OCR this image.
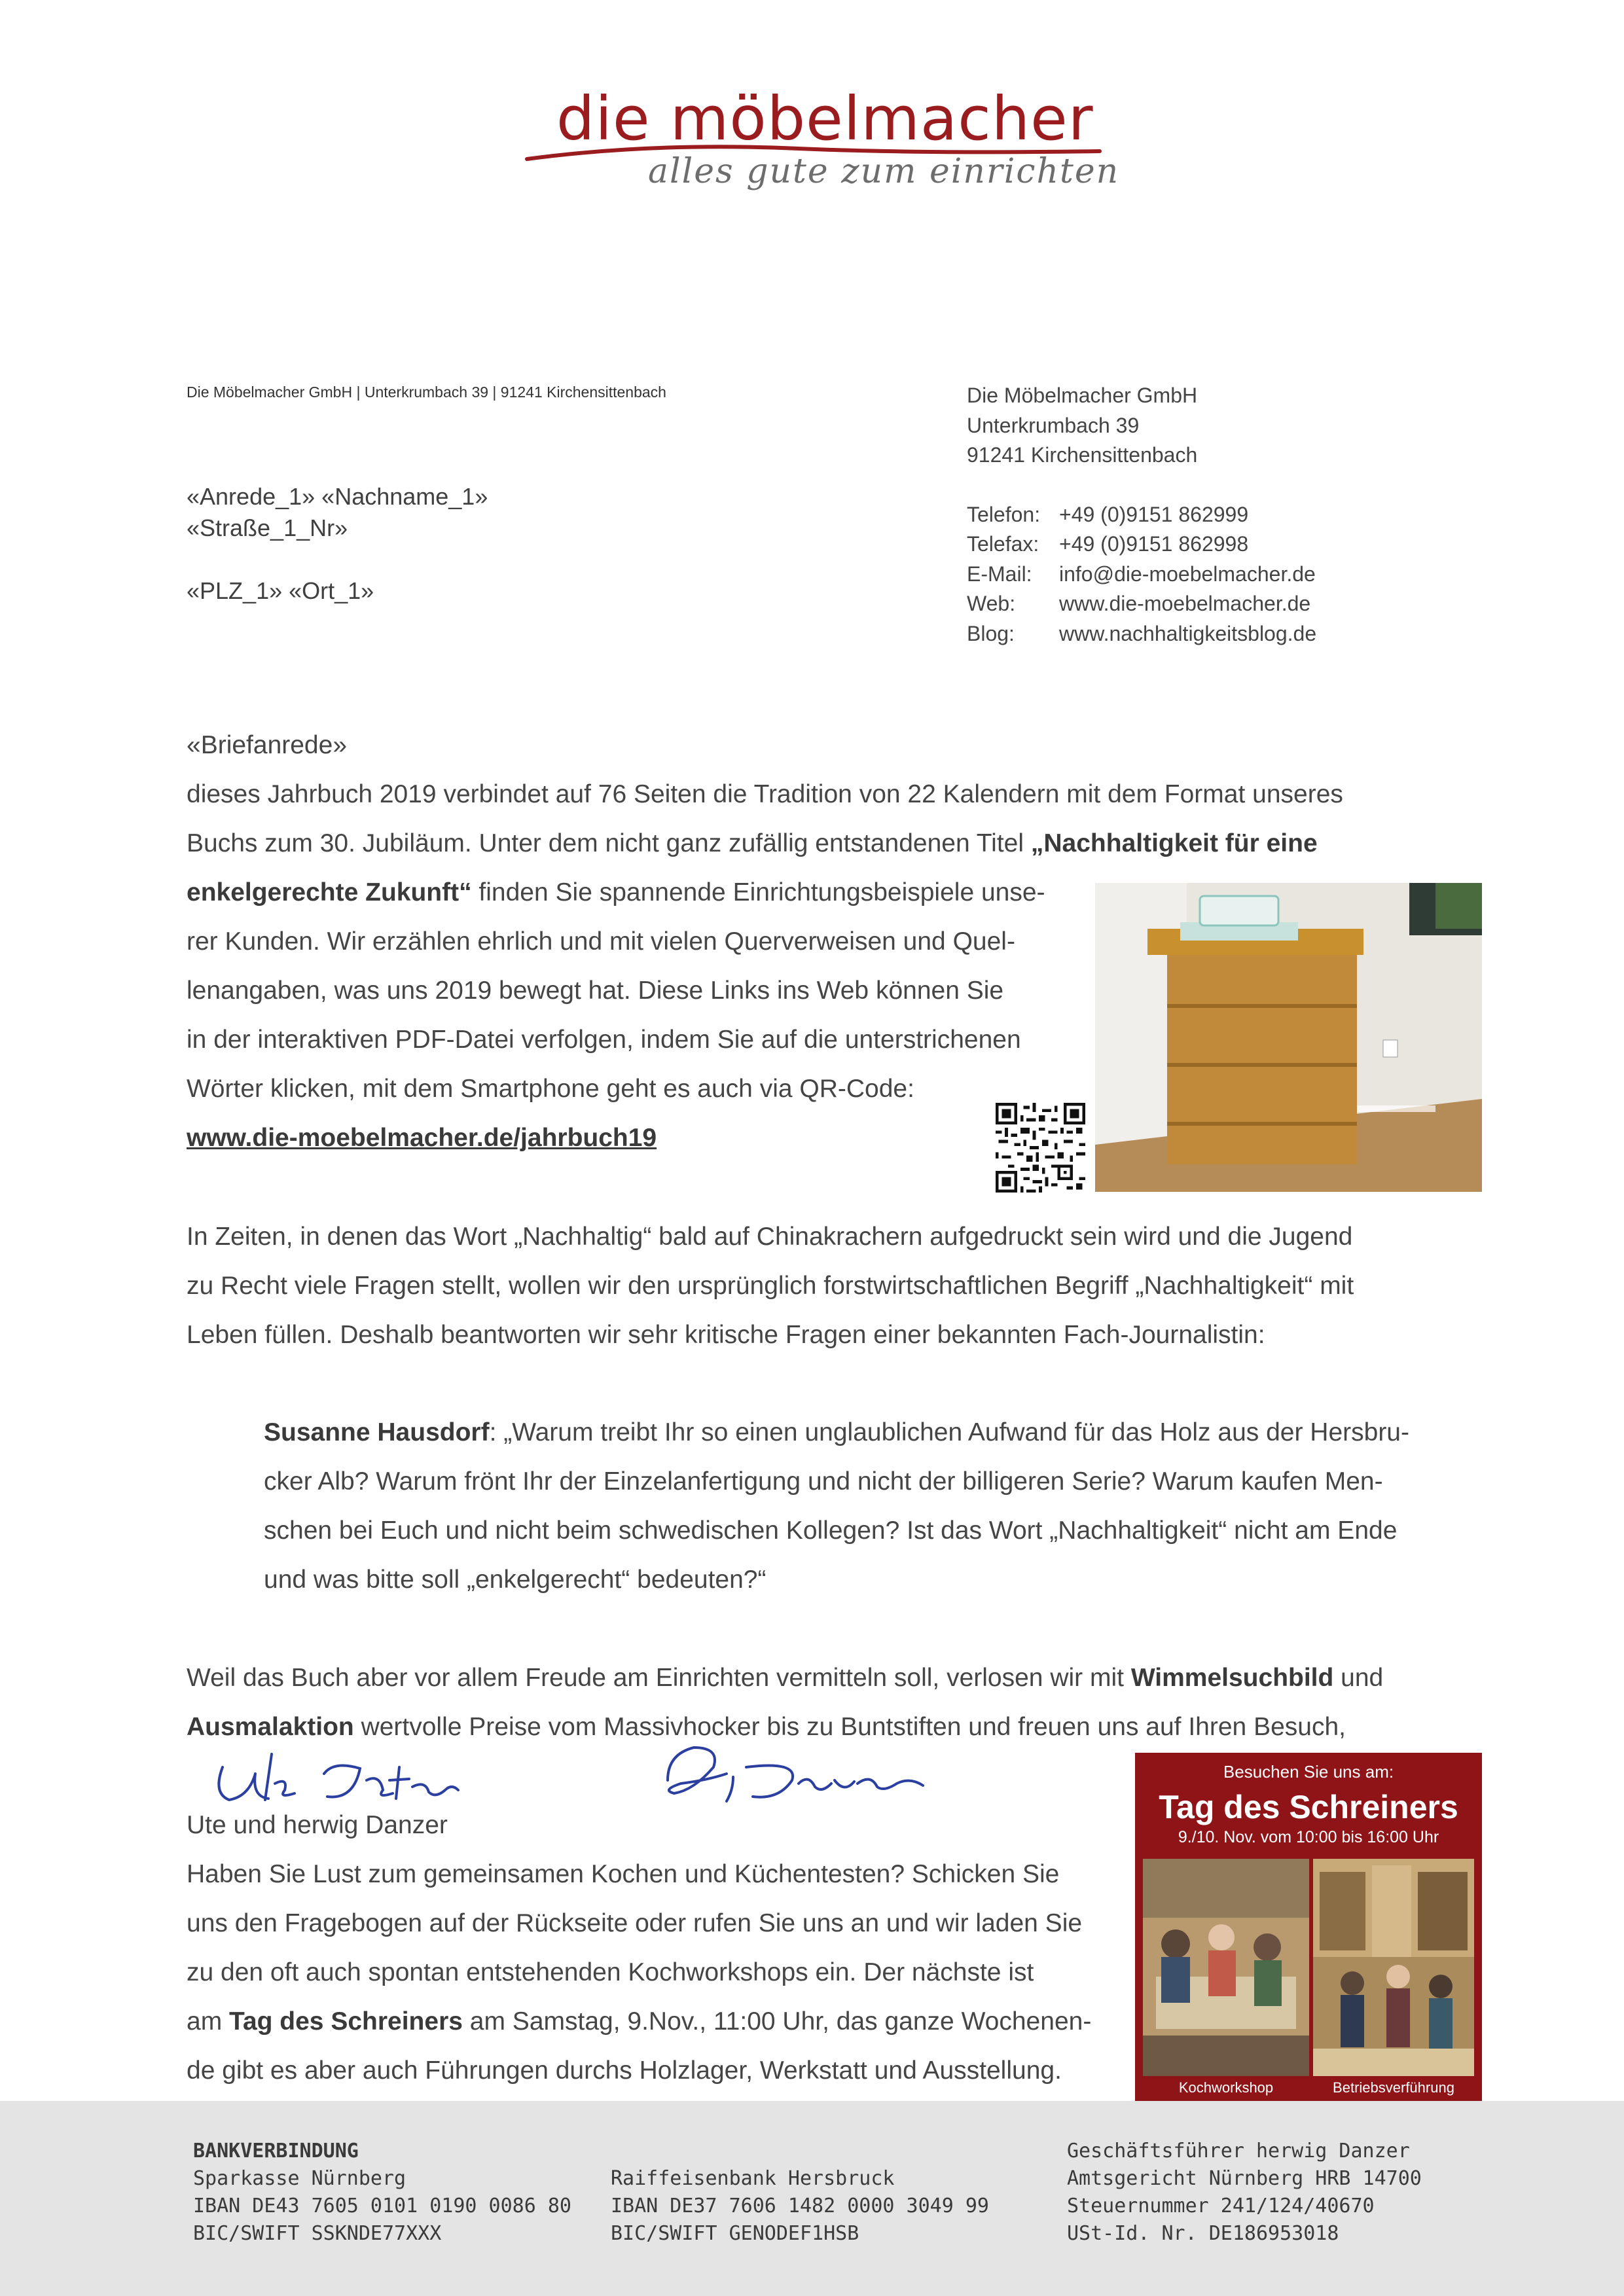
die möbelmacher
alles gute zum einrichten
Die Möbelmacher GmbH | Unterkrumbach 39 | 91241 Kirchensittenbach
«Anrede_1» «Nachname_1»
«Straße_1_Nr»
«PLZ_1» «Ort_1»
Die Möbelmacher GmbH
Unterkrumbach 39
91241 Kirchensittenbach
Telefon: +49 (0)9151 862999
Telefax: +49 (0)9151 862998
E-Mail:	info@die-moebelmacher.de
Web:	www.die-moebelmacher.de
Blog:	www.nachhaltigkeitsblog.de
«Briefanrede»
dieses Jahrbuch 2019 verbindet auf 76 Seiten die Tradition von 22 Kalendern mit dem Format unseres
Buchs zum 30. Jubiläum. Unter dem nicht ganz zufällig entstandenen Titel „Nachhaltigkeit für eine
enkelgerechte Zukunft“ finden Sie spannende Einrichtungsbeispiele unse-
rer Kunden. Wir erzählen ehrlich und mit vielen Querverweisen und Quel-
lenangaben, was uns 2019 bewegt hat. Diese Links ins Web können Sie
in der interaktiven PDF-Datei verfolgen, indem Sie auf die unterstrichenen
Wörter klicken, mit dem Smartphone geht es auch via QR-Code:
www.die-moebelmacher.de/jahrbuch19
In Zeiten, in denen das Wort „Nachhaltig“ bald auf Chinakrachern aufgedruckt sein wird und die Jugend
zu Recht viele Fragen stellt, wollen wir den ursprünglich forstwirtschaftlichen Begriff „Nachhaltigkeit“ mit
Leben füllen. Deshalb beantworten wir sehr kritische Fragen einer bekannten Fach-Journalistin:
Susanne Hausdorf: „Warum treibt Ihr so einen unglaublichen Aufwand für das Holz aus der Hersbru-
cker Alb? Warum frönt Ihr der Einzelanfertigung und nicht der billigeren Serie? Warum kaufen Men-
schen bei Euch und nicht beim schwedischen Kollegen? Ist das Wort „Nachhaltigkeit“ nicht am Ende
und was bitte soll „enkelgerecht“ bedeuten?“
Weil das Buch aber vor allem Freude am Einrichten vermitteln soll, verlosen wir mit Wimmelsuchbild und
Ausmalaktion wertvolle Preise vom Massivhocker bis zu Buntstiften und freuen uns auf Ihren Besuch,
Ute und herwig Danzer
Haben Sie Lust zum gemeinsamen Kochen und Küchentesten? Schicken Sie
uns den Fragebogen auf der Rückseite oder rufen Sie uns an und wir laden Sie
zu den oft auch spontan entstehenden Kochworkshops ein. Der nächste ist
am Tag des Schreiners am Samstag, 9.Nov., 11:00 Uhr, das ganze Wochenen-
de gibt es aber auch Führungen durchs Holzlager, Werkstatt und Ausstellung.
Besuchen Sie uns am:
Tag des Schreiners
9./10. Nov. vom 10:00 bis 16:00 Uhr
Kochworkshop	Betriebsverführung
BANKVERBINDUNG
Sparkasse Nürnberg
IBAN DE43 7605 0101 0190 0086 80
BIC/SWIFT SSKNDE77XXX
Raiffeisenbank Hersbruck
IBAN DE37 7606 1482 0000 3049 99
BIC/SWIFT GENODEF1HSB
Geschäftsführer herwig Danzer
Amtsgericht Nürnberg HRB 14700
Steuernummer 241/124/40670
USt-Id. Nr. DE186953018
